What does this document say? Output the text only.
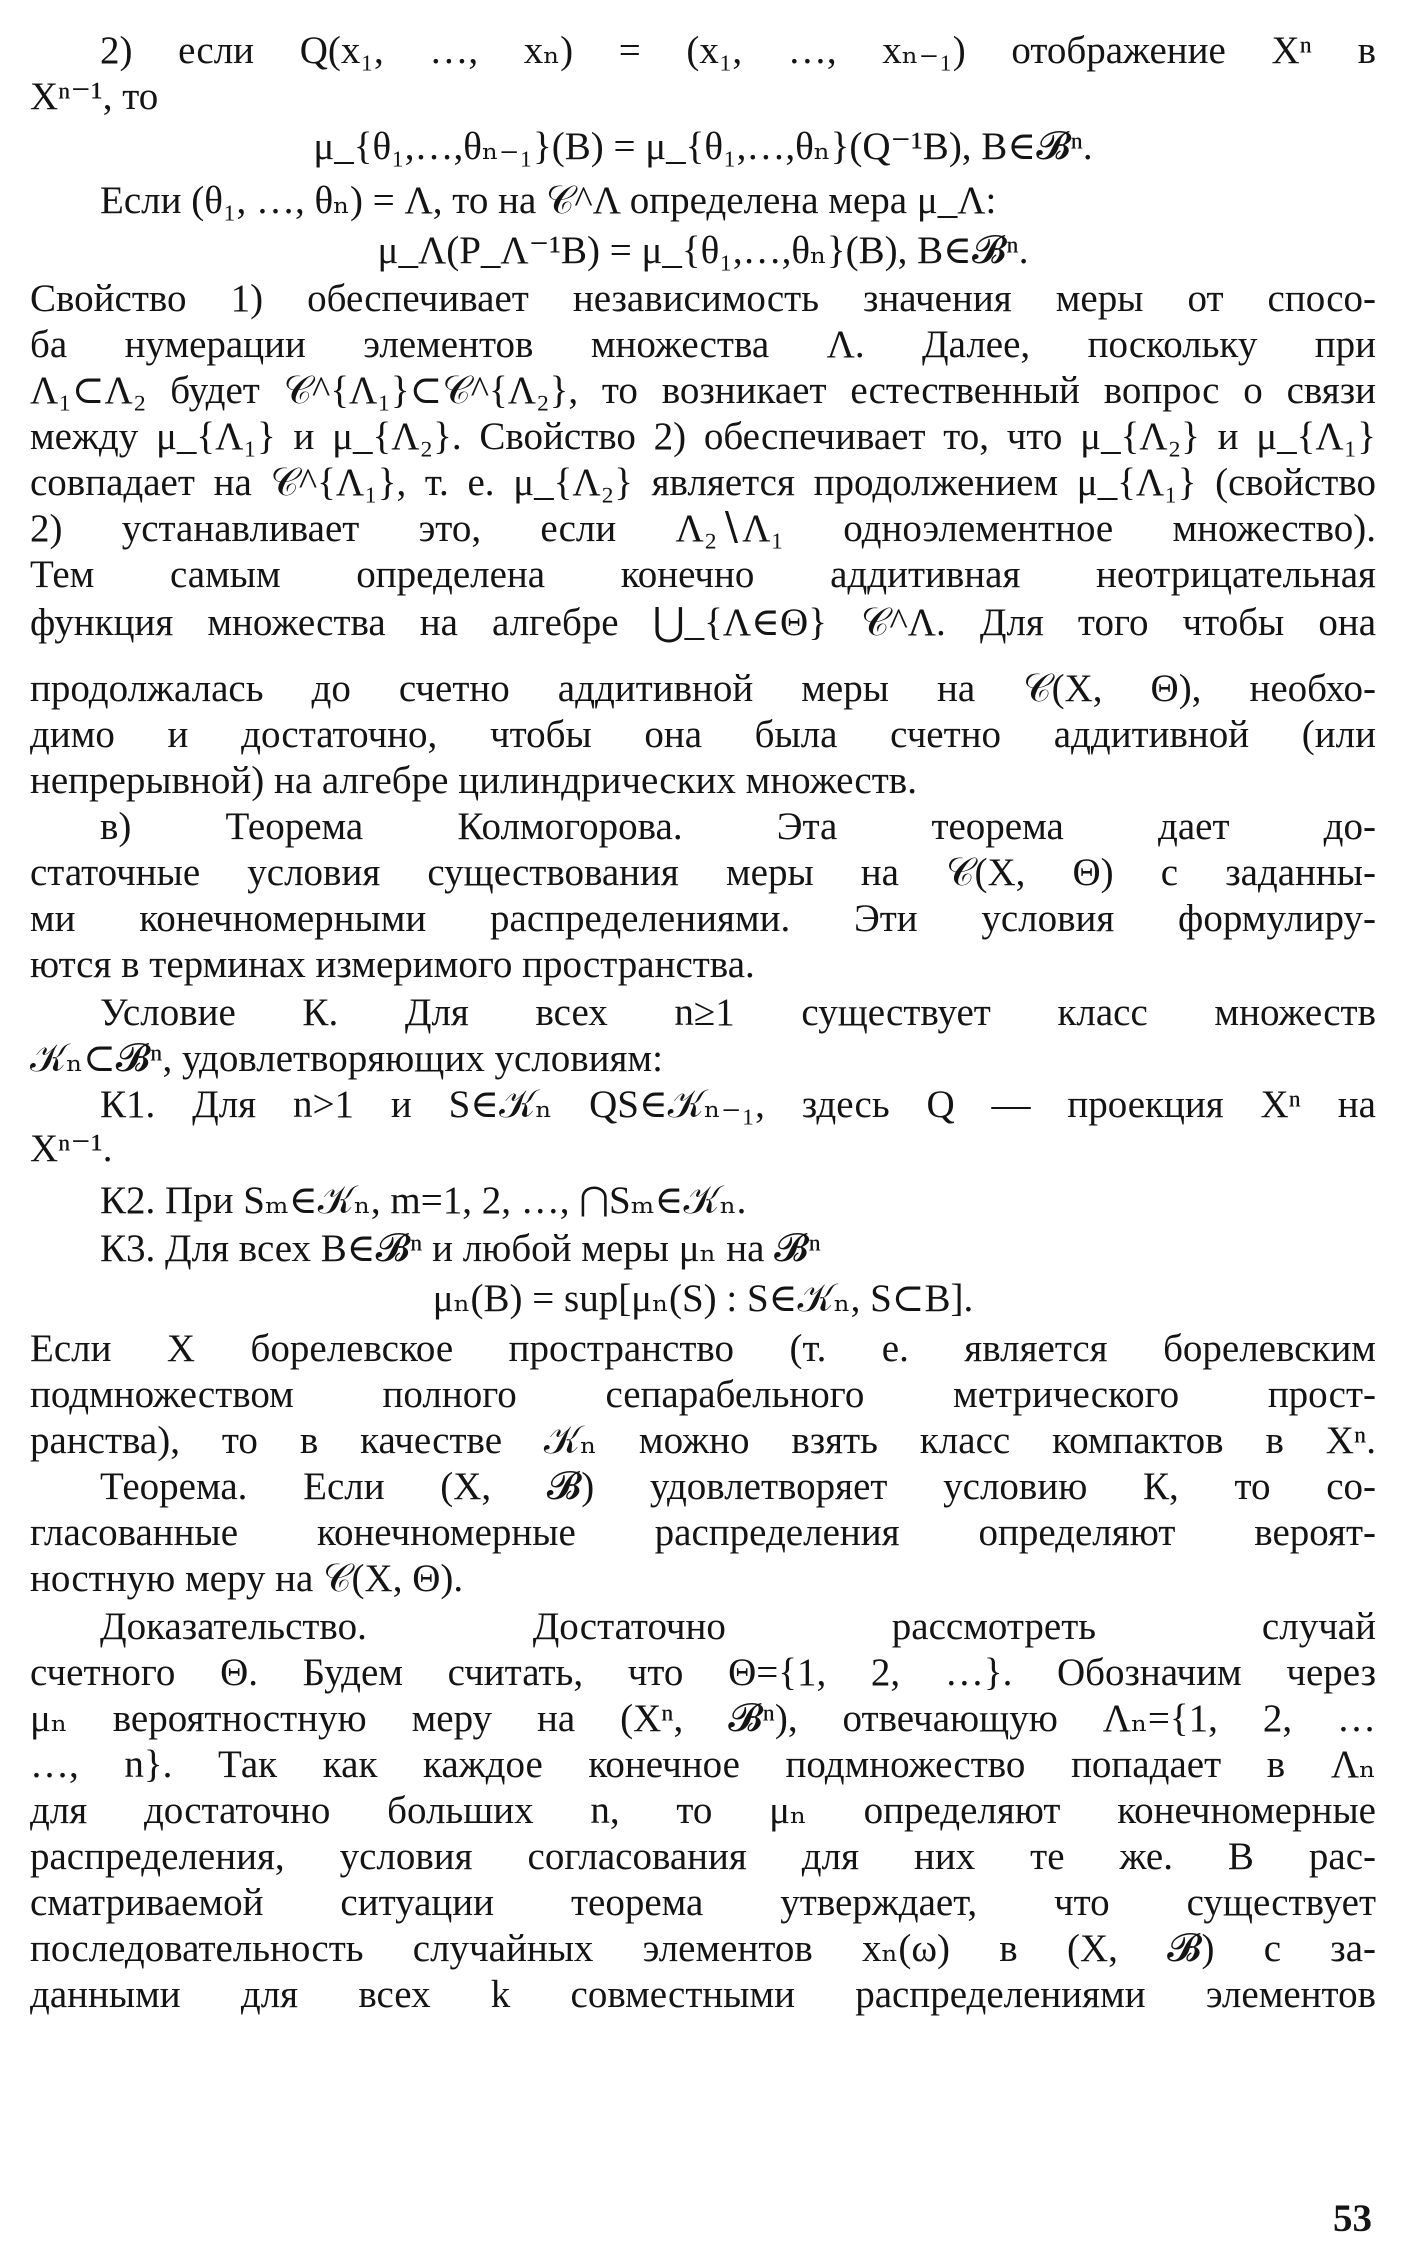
2) если Q(x₁, …, xₙ) = (x₁, …, xₙ₋₁) отображение Xⁿ в
Xⁿ⁻¹, то
μ_{θ₁,…,θₙ₋₁}(B) = μ_{θ₁,…,θₙ}(Q⁻¹B), B∈𝓑ⁿ.
Если (θ₁, …, θₙ) = Λ, то на 𝒞^Λ определена мера μ_Λ:
μ_Λ(P_Λ⁻¹B) = μ_{θ₁,…,θₙ}(B), B∈𝓑ⁿ.
Свойство 1) обеспечивает независимость значения меры от спосо-
ба нумерации элементов множества Λ. Далее, поскольку при
Λ₁⊂Λ₂ будет 𝒞^{Λ₁}⊂𝒞^{Λ₂}, то возникает естественный вопрос о связи
между μ_{Λ₁} и μ_{Λ₂}. Свойство 2) обеспечивает то, что μ_{Λ₂} и μ_{Λ₁}
совпадает на 𝒞^{Λ₁}, т. е. μ_{Λ₂} является продолжением μ_{Λ₁} (свойство
2) устанавливает это, если Λ₂∖Λ₁ одноэлементное множество).
Тем самым определена конечно аддитивная неотрицательная
функция множества на алгебре ⋃_{Λ∈Θ} 𝒞^Λ. Для того чтобы она
продолжалась до счетно аддитивной меры на 𝒞(X, Θ), необхо-
димо и достаточно, чтобы она была счетно аддитивной (или
непрерывной) на алгебре цилиндрических множеств.
в) Теорема Колмогорова. Эта теорема дает до-
статочные условия существования меры на 𝒞(X, Θ) с заданны-
ми конечномерными распределениями. Эти условия формулиру-
ются в терминах измеримого пространства.
Условие К. Для всех n≥1 существует класс множеств
𝒦ₙ⊂𝓑ⁿ, удовлетворяющих условиям:
К1. Для n>1 и S∈𝒦ₙ QS∈𝒦ₙ₋₁, здесь Q — проекция Xⁿ на
Xⁿ⁻¹.
К2. При Sₘ∈𝒦ₙ, m=1, 2, …, ⋂Sₘ∈𝒦ₙ.
К3. Для всех B∈𝓑ⁿ и любой меры μₙ на 𝓑ⁿ
μₙ(B) = sup[μₙ(S) : S∈𝒦ₙ, S⊂B].
Если X борелевское пространство (т. е. является борелевским
подмножеством полного сепарабельного метрического прост-
ранства), то в качестве 𝒦ₙ можно взять класс компактов в Xⁿ.
Теорема. Если (X, 𝓑) удовлетворяет условию К, то со-
гласованные конечномерные распределения определяют вероят-
ностную меру на 𝒞(X, Θ).
Доказательство. Достаточно рассмотреть случай
счетного Θ. Будем считать, что Θ={1, 2, …}. Обозначим через
μₙ вероятностную меру на (Xⁿ, 𝓑ⁿ), отвечающую Λₙ={1, 2, …
…, n}. Так как каждое конечное подмножество попадает в Λₙ
для достаточно больших n, то μₙ определяют конечномерные
распределения, условия согласования для них те же. В рас-
сматриваемой ситуации теорема утверждает, что существует
последовательность случайных элементов xₙ(ω) в (X, 𝓑) с за-
данными для всех k совместными распределениями элементов
53
